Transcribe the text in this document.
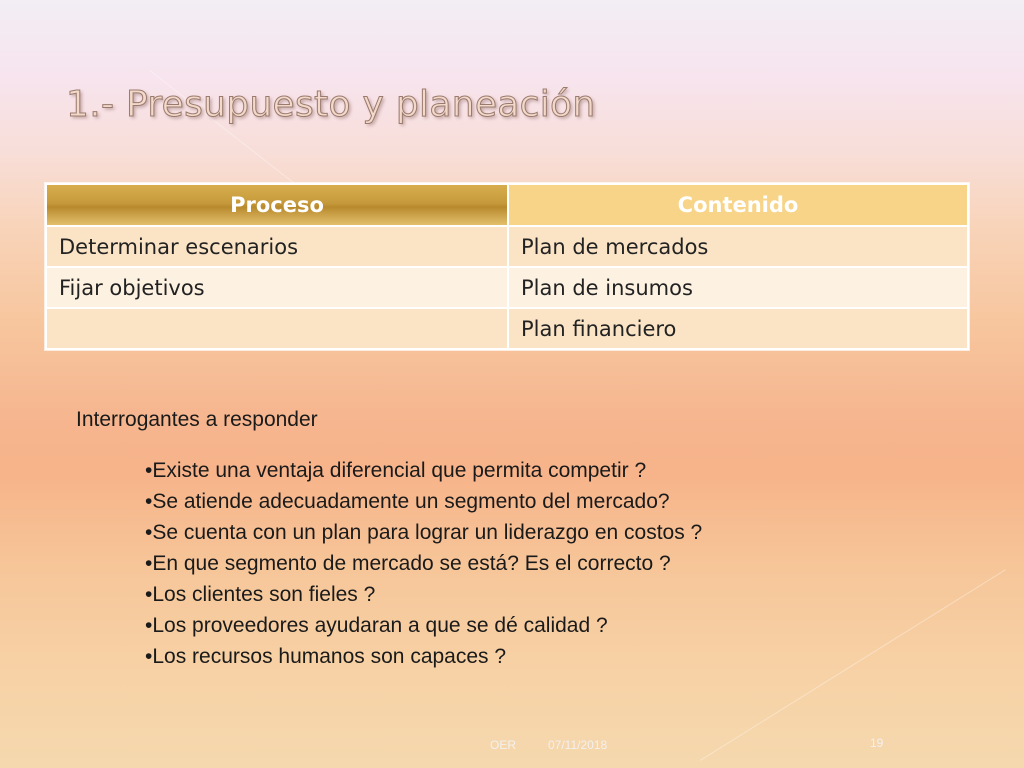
1.- Presupuesto y planeación
Proceso	Contenido
Determinar escenarios	Plan de mercados
Fijar objetivos	Plan de insumos
	Plan financiero
Interrogantes a responder
•Existe una ventaja diferencial que permita competir ?
•Se atiende adecuadamente un segmento del mercado?
•Se cuenta con un plan para lograr un liderazgo en costos ?
•En que segmento de mercado se está? Es el correcto ?
•Los clientes son fieles ?
•Los proveedores ayudaran a que se dé calidad ?
•Los recursos humanos son capaces ?
OER	07/11/2018	19
